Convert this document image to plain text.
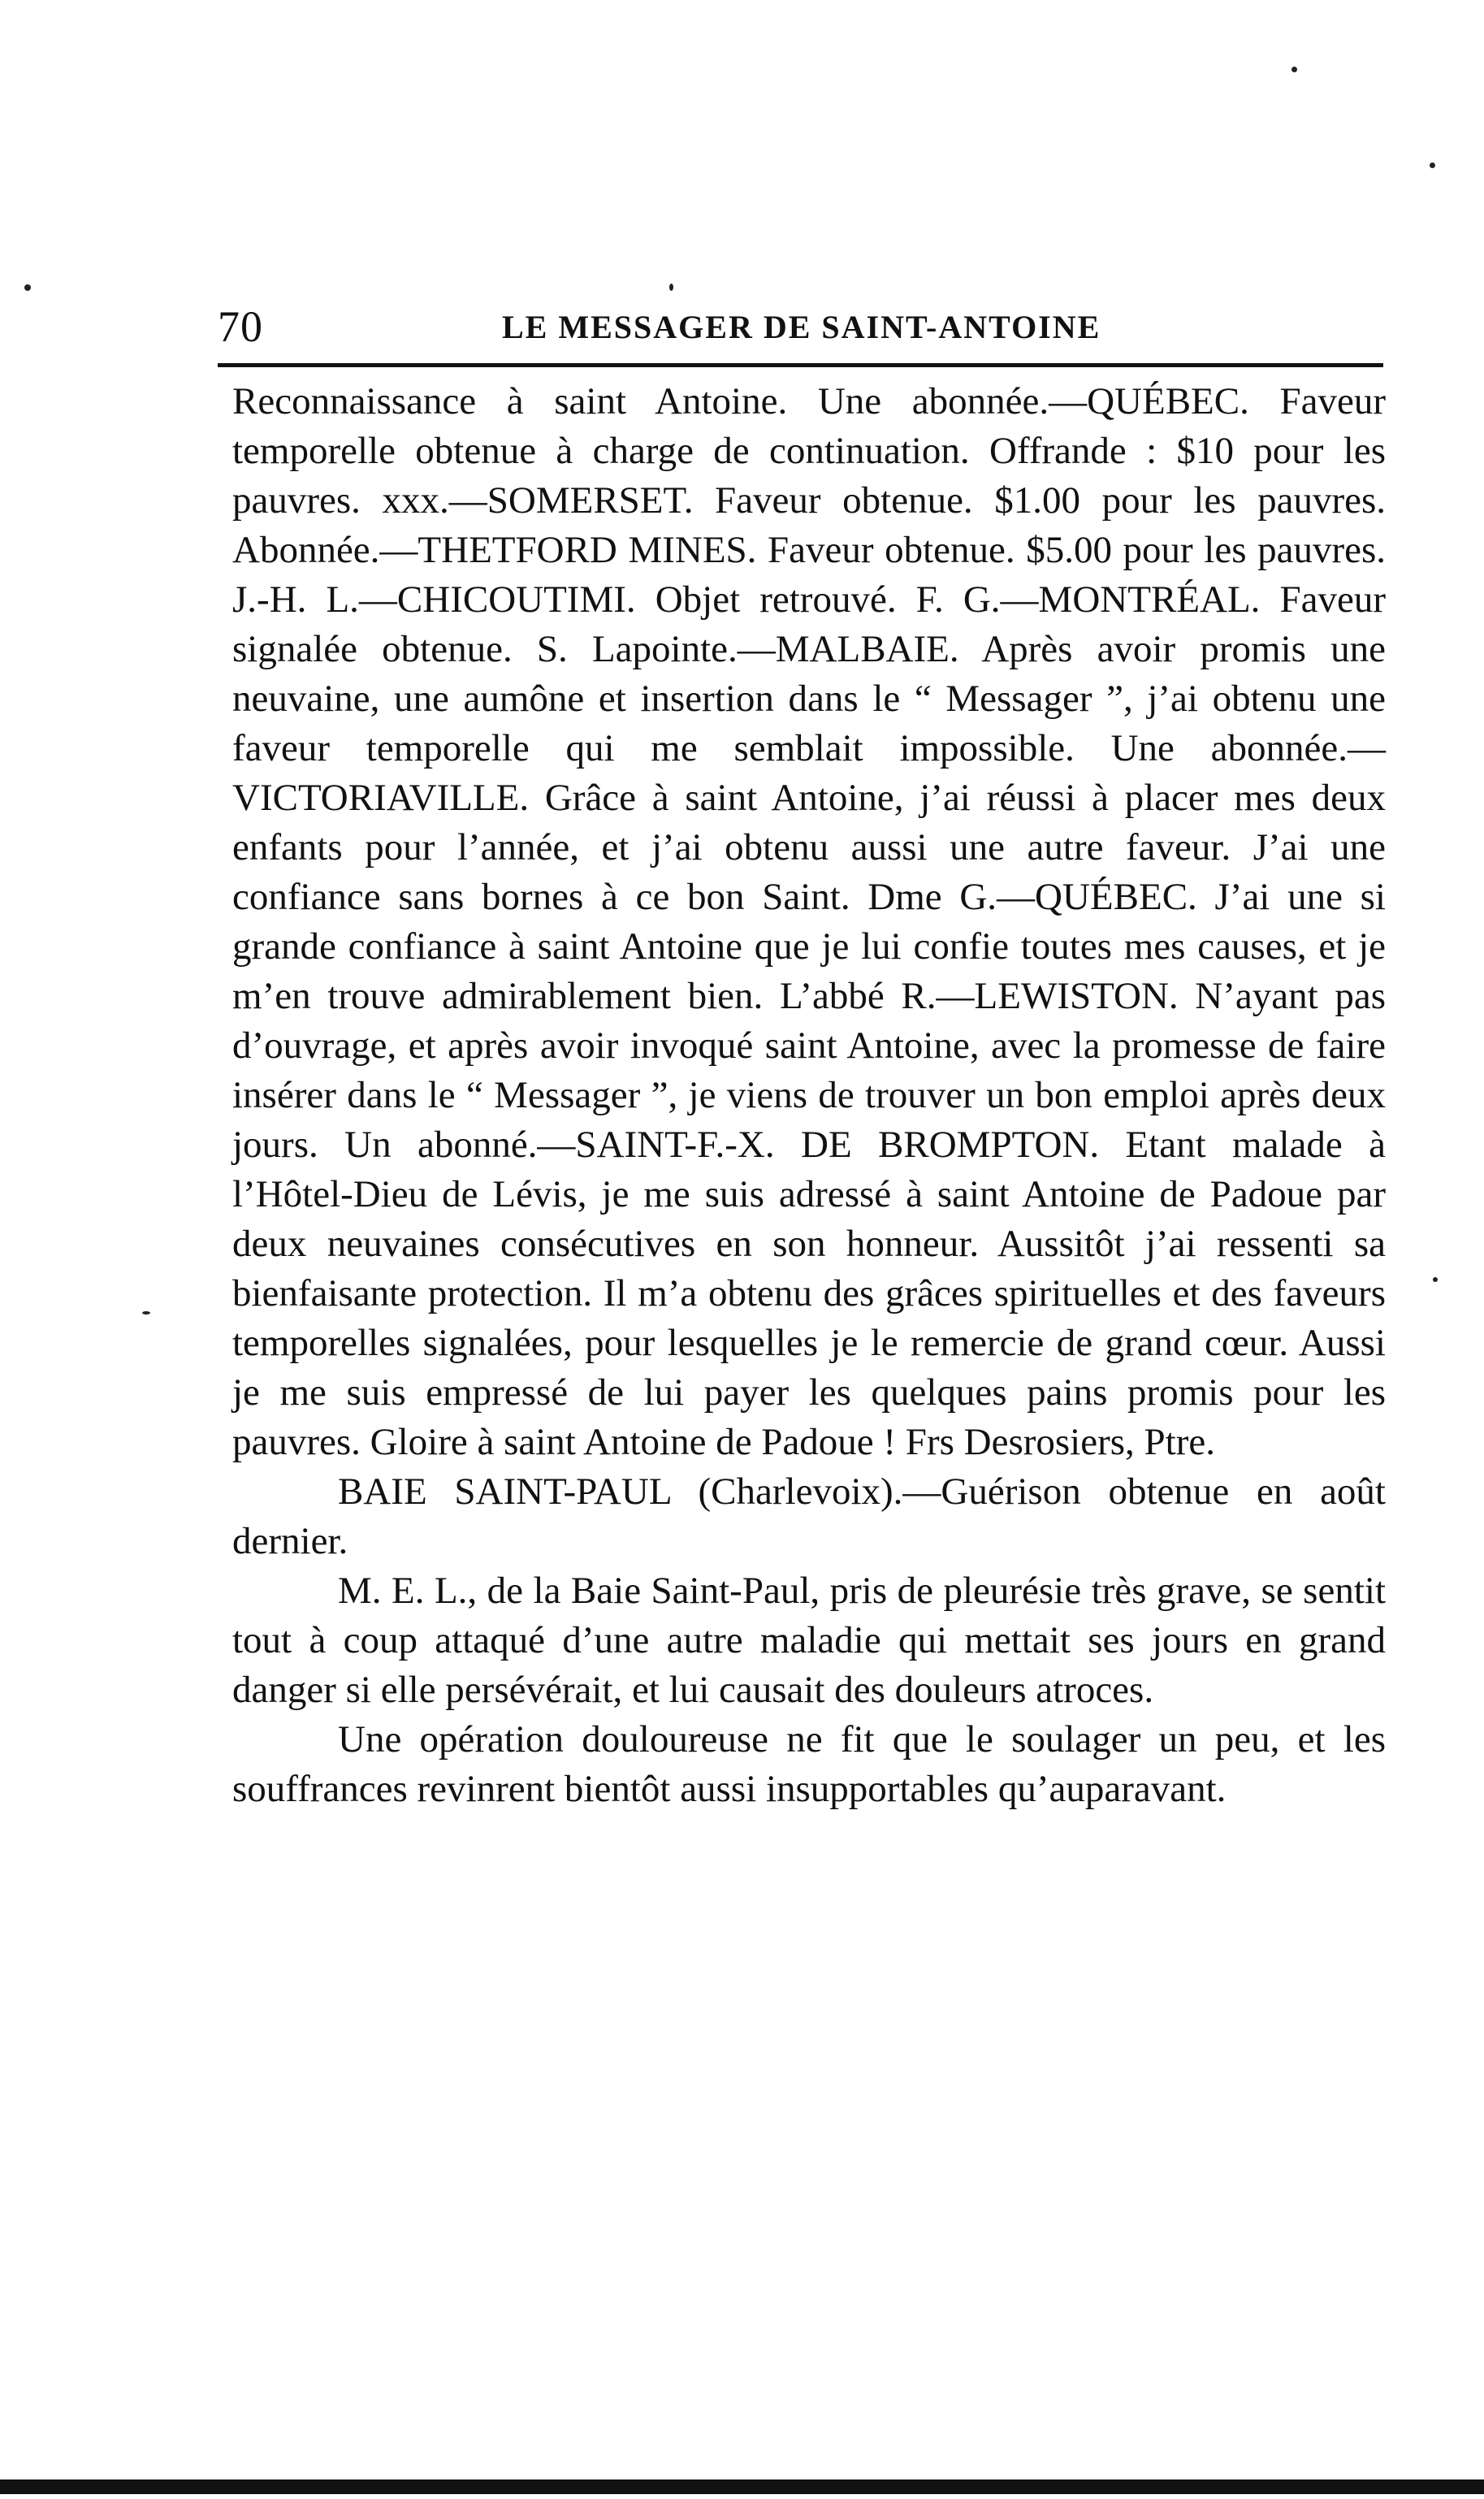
70	LE MESSAGER DE SAINT-ANTOINE

Reconnaissance à saint Antoine. Une abonnée.—QUÉBEC. Faveur temporelle obtenue à charge de continuation. Offrande : $10 pour les pauvres. xxx.—SOMERSET. Faveur obtenue. $1.00 pour les pauvres. Abonnée.—THETFORD MINES. Faveur obtenue. $5.00 pour les pauvres. J.-H. L.—CHICOUTIMI. Objet retrouvé. F. G.—MONTRÉAL. Faveur signalée obtenue. S. Lapointe.—MALBAIE. Après avoir promis une neuvaine, une aumône et insertion dans le “ Messager ”, j’ai obtenu une faveur temporelle qui me semblait impossible. Une abonnée.—VICTORIAVILLE. Grâce à saint Antoine, j’ai réussi à placer mes deux enfants pour l’année, et j’ai obtenu aussi une autre faveur. J’ai une confiance sans bornes à ce bon Saint. Dme G.—QUÉBEC. J’ai une si grande confiance à saint Antoine que je lui confie toutes mes causes, et je m’en trouve admirablement bien. L’abbé R.—LEWISTON. N’ayant pas d’ouvrage, et après avoir invoqué saint Antoine, avec la promesse de faire insérer dans le “ Messager ”, je viens de trouver un bon emploi après deux jours. Un abonné.—SAINT-F.-X. DE BROMPTON. Etant malade à l’Hôtel-Dieu de Lévis, je me suis adressé à saint Antoine de Padoue par deux neuvaines consécutives en son honneur. Aussitôt j’ai ressenti sa bienfaisante protection. Il m’a obtenu des grâces spirituelles et des faveurs temporelles signalées, pour lesquelles je le remercie de grand cœur. Aussi je me suis empressé de lui payer les quelques pains promis pour les pauvres. Gloire à saint Antoine de Padoue ! Frs Desrosiers, Ptre.

BAIE SAINT-PAUL (Charlevoix).—Guérison obtenue en août dernier.

M. E. L., de la Baie Saint-Paul, pris de pleurésie très grave, se sentit tout à coup attaqué d’une autre maladie qui mettait ses jours en grand danger si elle persévérait, et lui causait des douleurs atroces.

Une opération douloureuse ne fit que le soulager un peu, et les souffrances revinrent bientôt aussi insupportables qu’auparavant.
